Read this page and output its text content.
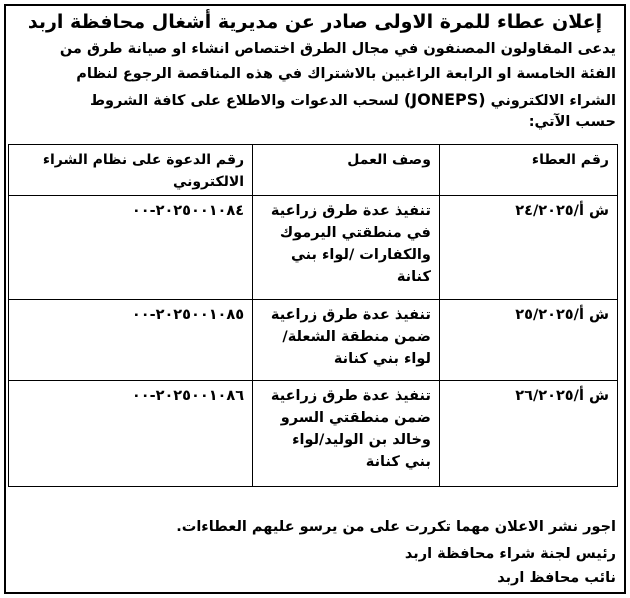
إعلان عطاء للمرة الاولى صادر عن مديرية أشغال محافظة اربد
يدعى المقاولون المصنفون في مجال الطرق اختصاص انشاء او صيانة طرق من
الفئة الخامسة او الرابعة الراغبين بالاشتراك في هذه المناقصة الرجوع لنظام
الشراء الالكتروني (JONEPS) لسحب الدعوات والاطلاع على كافة الشروط
حسب الآتي:
رقم العطاء	وصف العمل	رقم الدعوة على نظام الشراء الالكتروني
ش أ/٢٤/٢٠٢٥	تنفيذ عدة طرق زراعية
في منطقتي اليرموك
والكفارات /لواء بني
كنانة	٢٠٢٥٠٠١٠٨٤-٠٠
ش أ/٢٥/٢٠٢٥	تنفيذ عدة طرق زراعية
ضمن منطقة الشعلة/
لواء بني كنانة	٢٠٢٥٠٠١٠٨٥-٠٠
ش أ/٢٦/٢٠٢٥	تنفيذ عدة طرق زراعية
ضمن منطقتي السرو
وخالد بن الوليد/لواء
بني كنانة	٢٠٢٥٠٠١٠٨٦-٠٠
اجور نشر الاعلان مهما تكررت على من يرسو عليهم العطاءات.
رئيس لجنة شراء محافظة اربد
نائب محافظ اربد
